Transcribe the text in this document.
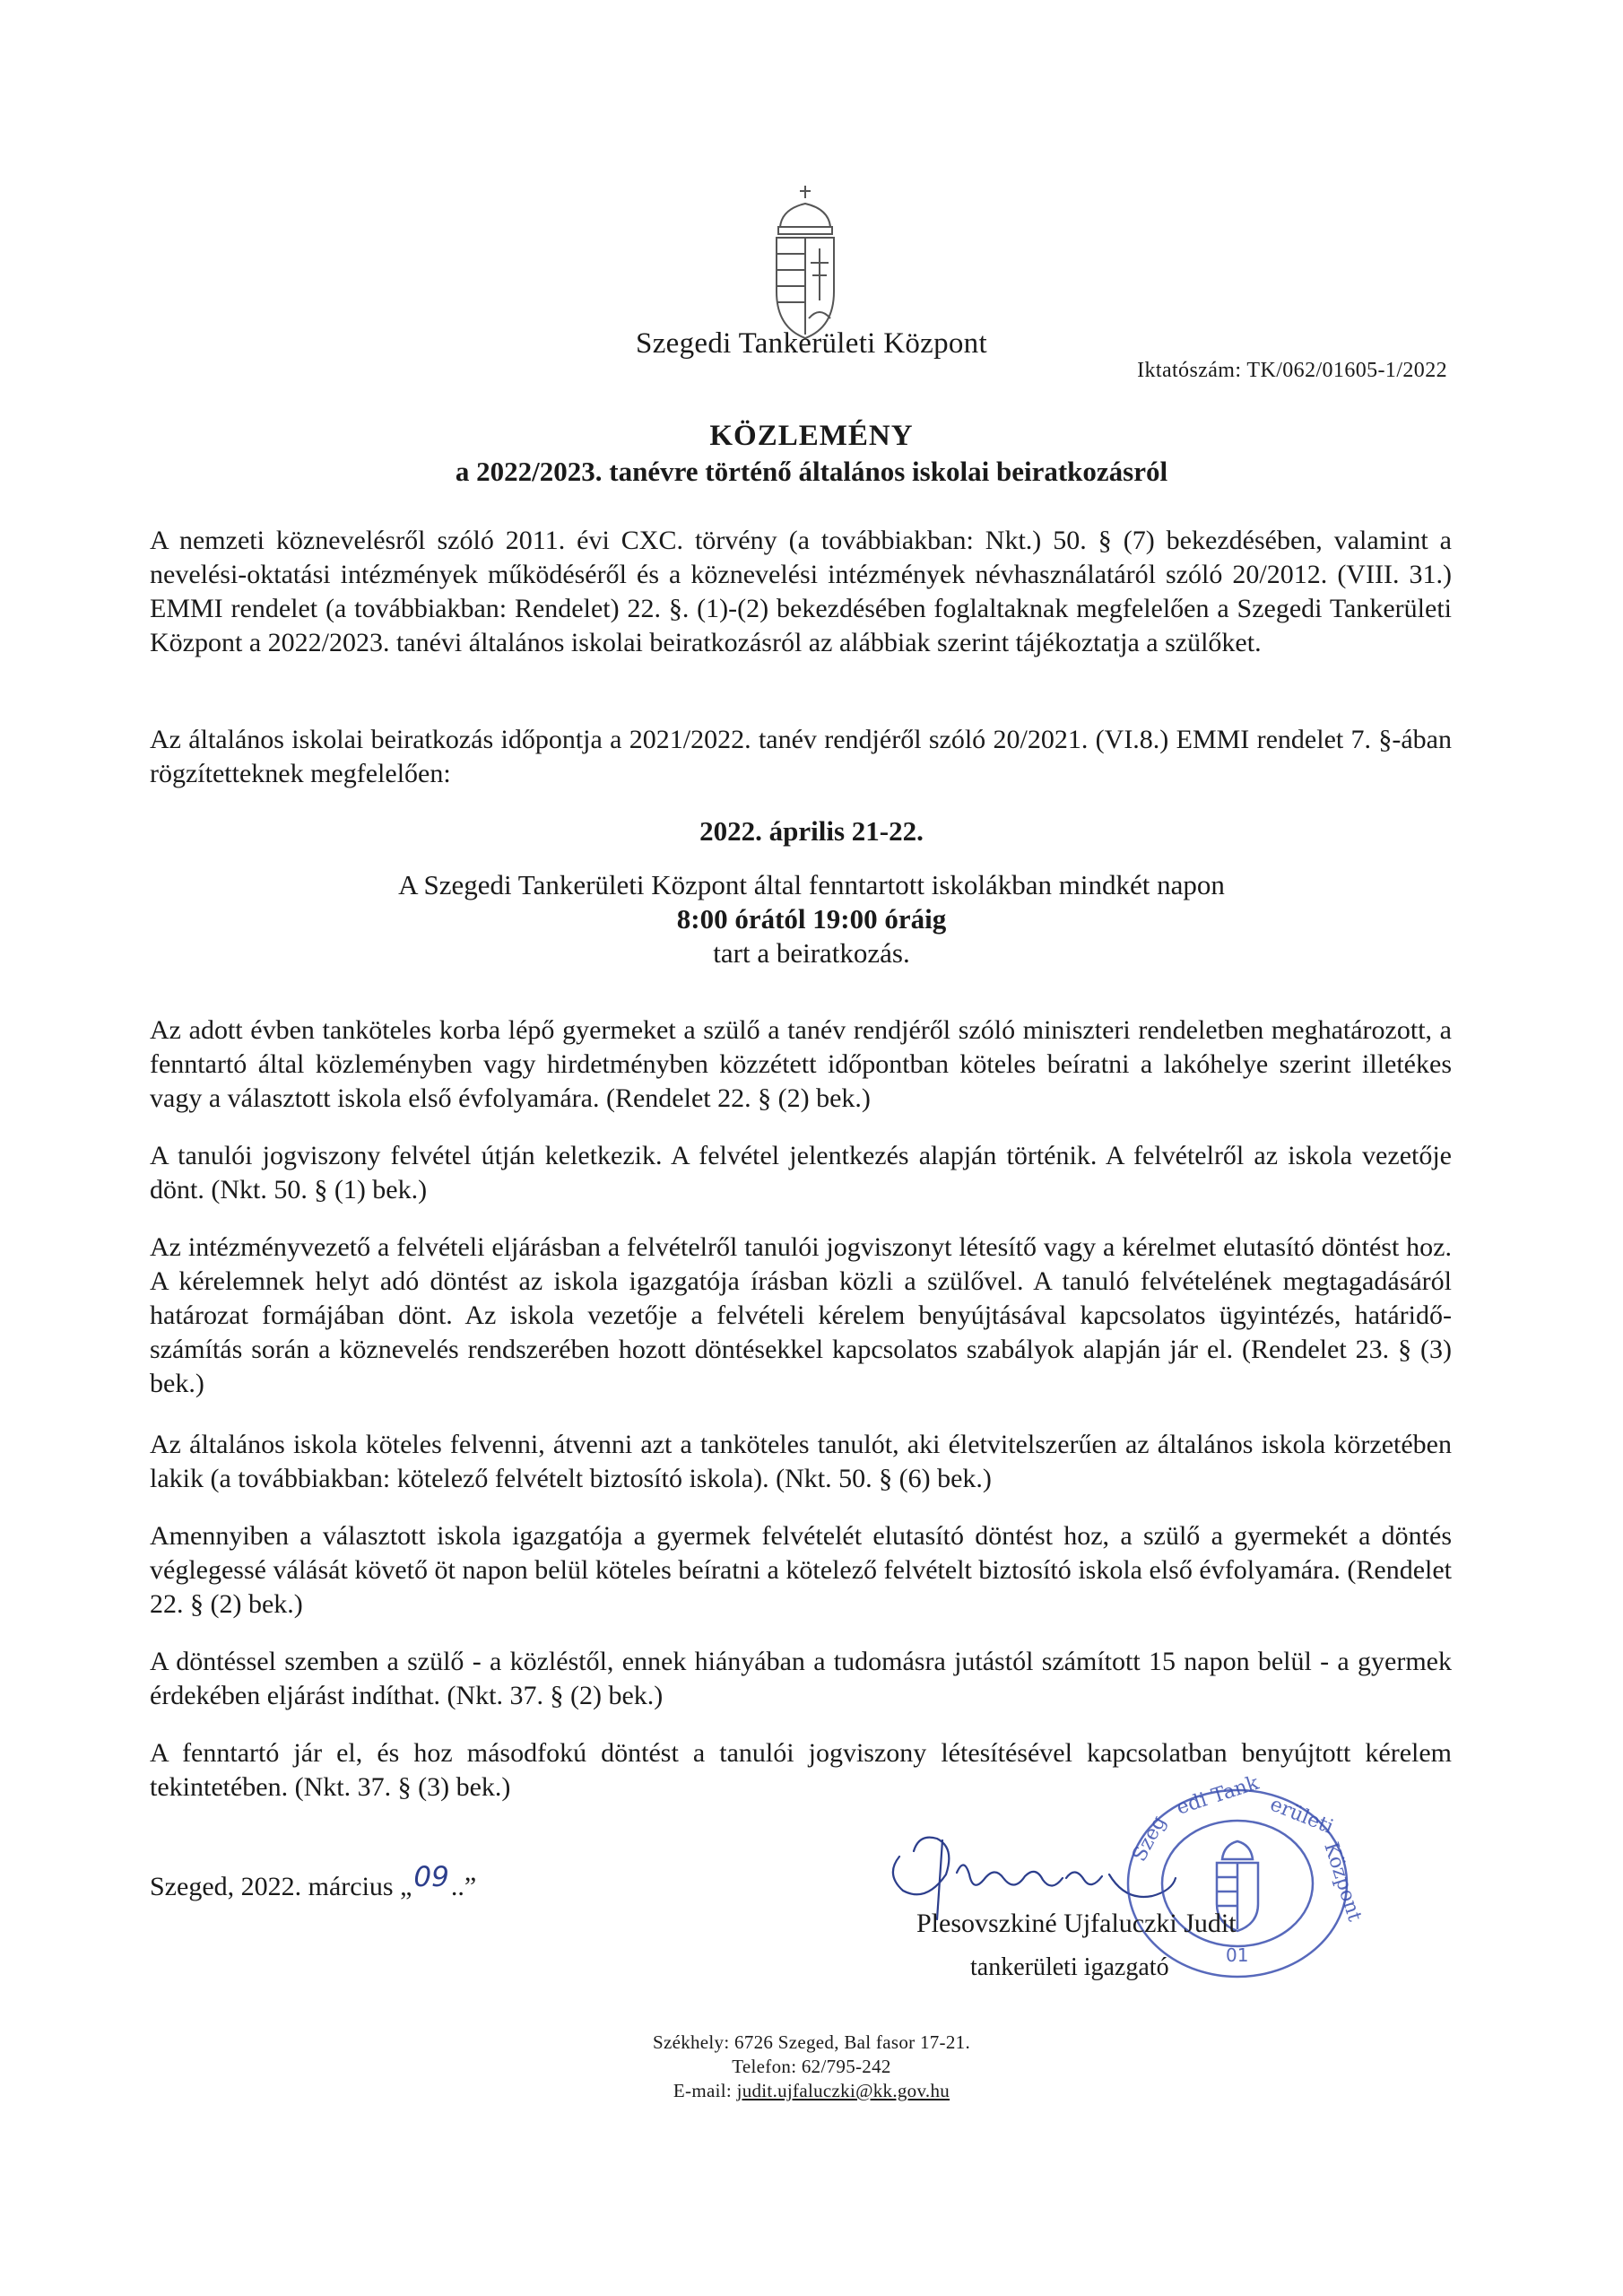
Szegedi Tankerületi Központ
Iktatószám: TK/062/01605-1/2022
KÖZLEMÉNY
a 2022/2023. tanévre történő általános iskolai beiratkozásról
A nemzeti köznevelésről szóló 2011. évi CXC. törvény (a továbbiakban: Nkt.) 50. § (7) bekezdésében, valamint a nevelési-oktatási intézmények működéséről és a köznevelési intézmények névhasználatáról szóló 20/2012. (VIII. 31.) EMMI rendelet (a továbbiakban: Rendelet) 22. §. (1)-(2) bekezdésében foglaltaknak megfelelően a Szegedi Tankerületi Központ a 2022/2023. tanévi általános iskolai beiratkozásról az alábbiak szerint tájékoztatja a szülőket.
Az általános iskolai beiratkozás időpontja a 2021/2022. tanév rendjéről szóló 20/2021. (VI.8.) EMMI rendelet 7. §-ában rögzítetteknek megfelelően:
2022. április 21-22.
A Szegedi Tankerületi Központ által fenntartott iskolákban mindkét napon
8:00 órától 19:00 óráig
tart a beiratkozás.
Az adott évben tanköteles korba lépő gyermeket a szülő a tanév rendjéről szóló miniszteri rendeletben meghatározott, a fenntartó által közleményben vagy hirdetményben közzétett időpontban köteles beíratni a lakóhelye szerint illetékes vagy a választott iskola első évfolyamára. (Rendelet 22. § (2) bek.)
A tanulói jogviszony felvétel útján keletkezik. A felvétel jelentkezés alapján történik. A felvételről az iskola vezetője dönt. (Nkt. 50. § (1) bek.)
Az intézményvezető a felvételi eljárásban a felvételről tanulói jogviszonyt létesítő vagy a kérelmet elutasító döntést hoz. A kérelemnek helyt adó döntést az iskola igazgatója írásban közli a szülővel. A tanuló felvételének megtagadásáról határozat formájában dönt. Az iskola vezetője a felvételi kérelem benyújtásával kapcsolatos ügyintézés, határidő-számítás során a köznevelés rendszerében hozott döntésekkel kapcsolatos szabályok alapján jár el. (Rendelet 23. § (3) bek.)
Az általános iskola köteles felvenni, átvenni azt a tanköteles tanulót, aki életvitelszerűen az általános iskola körzetében lakik (a továbbiakban: kötelező felvételt biztosító iskola). (Nkt. 50. § (6) bek.)
Amennyiben a választott iskola igazgatója a gyermek felvételét elutasító döntést hoz, a szülő a gyermekét a döntés véglegessé válását követő öt napon belül köteles beíratni a kötelező felvételt biztosító iskola első évfolyamára. (Rendelet 22. § (2) bek.)
A döntéssel szemben a szülő - a közléstől, ennek hiányában a tudomásra jutástól számított 15 napon belül - a gyermek érdekében eljárást indíthat. (Nkt. 37. § (2) bek.)
A fenntartó jár el, és hoz másodfokú döntést a tanulói jogviszony létesítésével kapcsolatban benyújtott kérelem tekintetében. (Nkt. 37. § (3) bek.)
Szeged, 2022. március „09..”
Szeg
edi Tank erületi
Központ
01
Plesovszkiné Ujfaluczki Judit
tankerületi igazgató
Székhely: 6726 Szeged, Bal fasor 17-21.
Telefon: 62/795-242
E-mail: judit.ujfaluczki@kk.gov.hu
